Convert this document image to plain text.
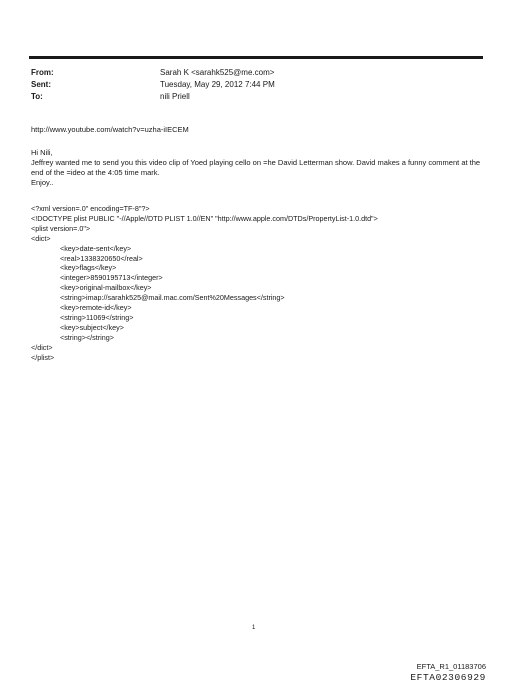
From:	Sarah K <sarahk525@me.com>
Sent:	Tuesday, May 29, 2012 7:44 PM
To:	nili Priell
http://www.youtube.com/watch?v=uzha-iIECEM

Hi Nili,

Jeffrey wanted me to send you this video clip of Yoed playing cello on =he David Letterman show. David makes a funny comment at the end of the =ideo at the 4:05 time mark.

Enjoy..

<?xml version=.0" encoding=TF-8"?>
<!DOCTYPE plist PUBLIC "-//Apple//DTD PLIST 1.0//EN" "http://www.apple.com/DTDs/PropertyList-1.0.dtd">
<plist version=.0">
<dict>
<key>date-sent</key>
<real>1338320650</real>
<key>flags</key>
<integer>8590195713</integer>
<key>original-mailbox</key>
<string>imap://sarahk525@mail.mac.com/Sent%20Messages</string>
<key>remote-id</key>
<string>11069</string>
<key>subject</key>
<string></string>
</dict>
</plist>
1
EFTA_R1_01183706
EFTA02306929
